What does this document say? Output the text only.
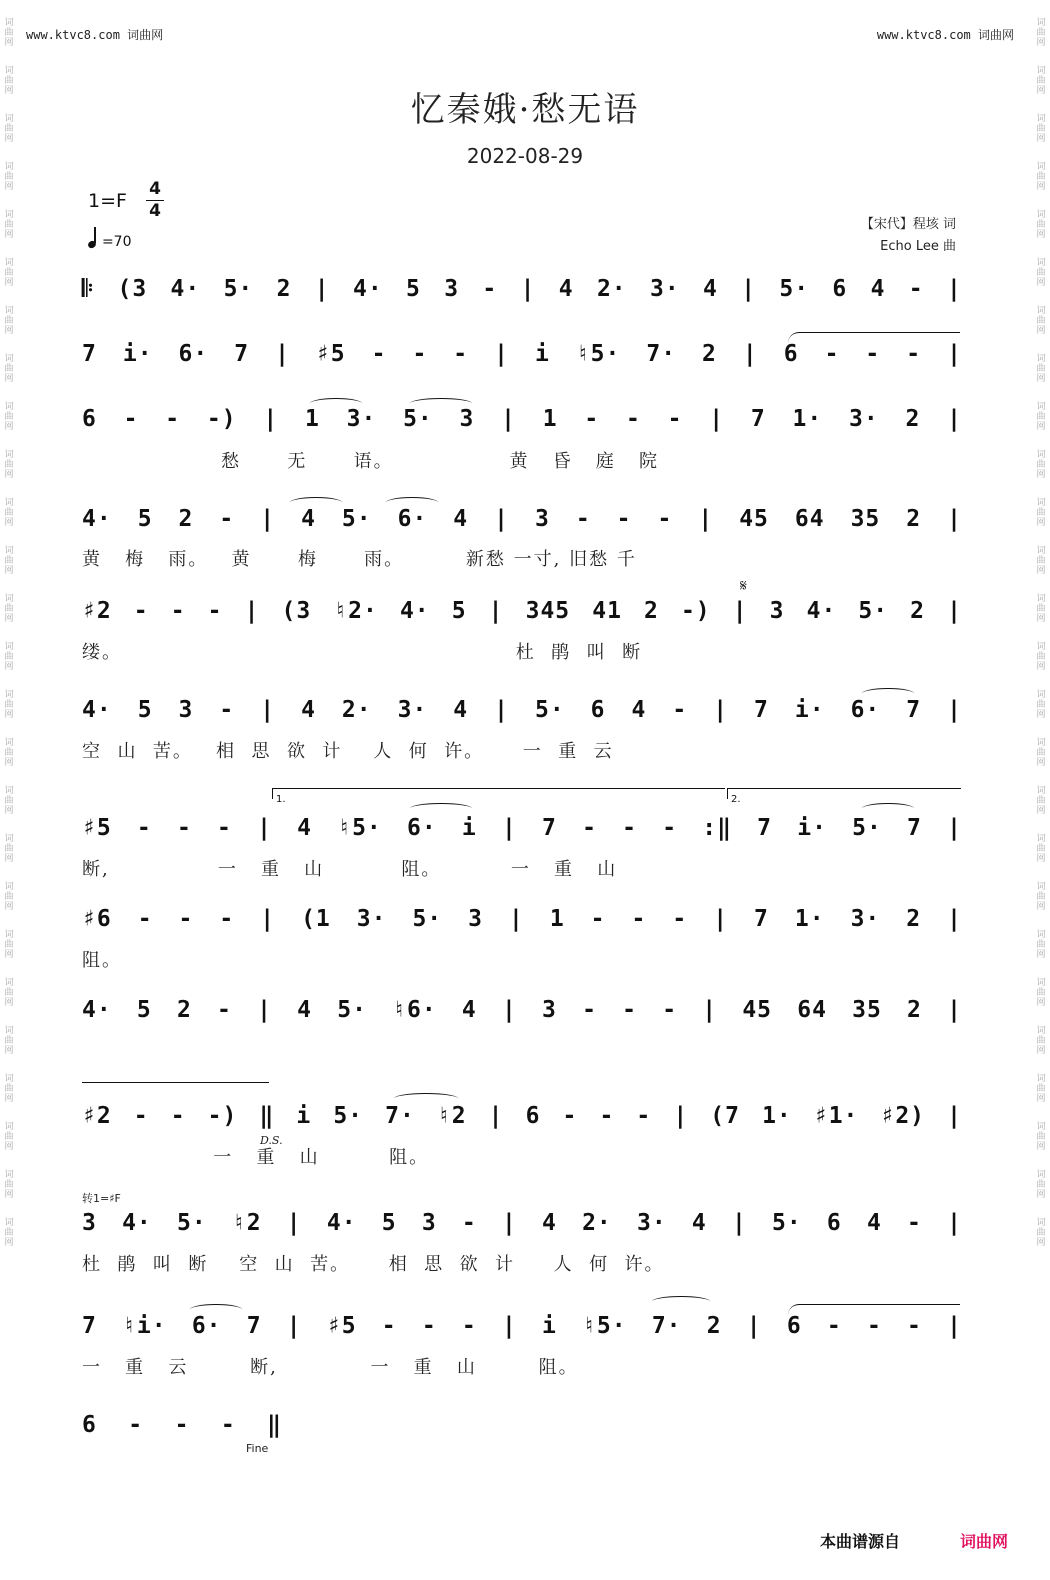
词
曲
网
词
曲
网
词
曲
网
词
曲
网
词
曲
网
词
曲
网
词
曲
网
词
曲
网
词
曲
网
词
曲
网
词
曲
网
词
曲
网
词
曲
网
词
曲
网
词
曲
网
词
曲
网
词
曲
网
词
曲
网
词
曲
网
词
曲
网
词
曲
网
词
曲
网
词
曲
网
词
曲
网
词
曲
网
词
曲
网
词
曲
网
词
曲
网
词
曲
网
词
曲
网
词
曲
网
词
曲
网
词
曲
网
词
曲
网
词
曲
网
词
曲
网
词
曲
网
词
曲
网
词
曲
网
词
曲
网
词
曲
网
词
曲
网
词
曲
网
词
曲
网
词
曲
网
词
曲
网
词
曲
网
词
曲
网
词
曲
网
词
曲
网
词
曲
网
词
曲
网
www.ktvc8.com 词曲网	www.ktvc8.com 词曲网
忆秦娥·愁无语
2022-08-29
1=F
4
4
=70
【宋代】程垓 词
Echo Lee 曲
𝄆 (3 4· 5· 2 | 4· 5 3 - | 4 2· 3· 4 | 5· 6 4 - |
7 i· 6· 7 | ♯5 - - - | i ♮5· 7· 2 | 6 - - - |
6 - - -) | 1 3· 5· 3 | 1 - - - | 7 1· 3· 2 |
愁      无      语。               黄   昏   庭   院
4· 5 2 - | 4 5· 6· 4 | 3 - - - | 45 64 35 2 |
黄   梅   雨。   黄      梅      雨。        新愁 一寸, 旧愁 千
𝄋
♯2 - - - | (3 ♮2· 4· 5 | 345 41 2 -) | 3 4· 5· 2 |
缕。                                                   杜  鹃  叫  断
4· 5 3 - | 4 2· 3· 4 | 5· 6 4 - | 7 i· 6· 7 |
空  山  苦。   相  思  欲  计    人  何  许。     一  重  云
1.	2.
♯5 - - - | 4 ♮5· 6· i | 7 - - - :‖ 7 i· 5· 7 |
断,              一   重   山          阻。         一   重   山
♯6 - - - | (1 3· 5· 3 | 1 - - - | 7 1· 3· 2 |
阻。
4· 5 2 - | 4 5· ♮6· 4 | 3 - - - | 45 64 35 2 |
♯2 - - -) ‖ i 5· 7· ♮2 | 6 - - - | (7 1· ♯1· ♯2) |
D.S.
一   重   山         阻。
转1=♯F
3 4· 5· ♮2 | 4· 5 3 - | 4 2· 3· 4 | 5· 6 4 - |
杜  鹃  叫  断    空  山  苦。     相  思  欲  计     人  何  许。
7 ♮i· 6· 7 | ♯5 - - - | i ♮5· 7· 2 | 6 - - - |
一   重   云        断,            一   重   山        阻。
6 - - - ‖
Fine
本曲谱源自	词曲网
